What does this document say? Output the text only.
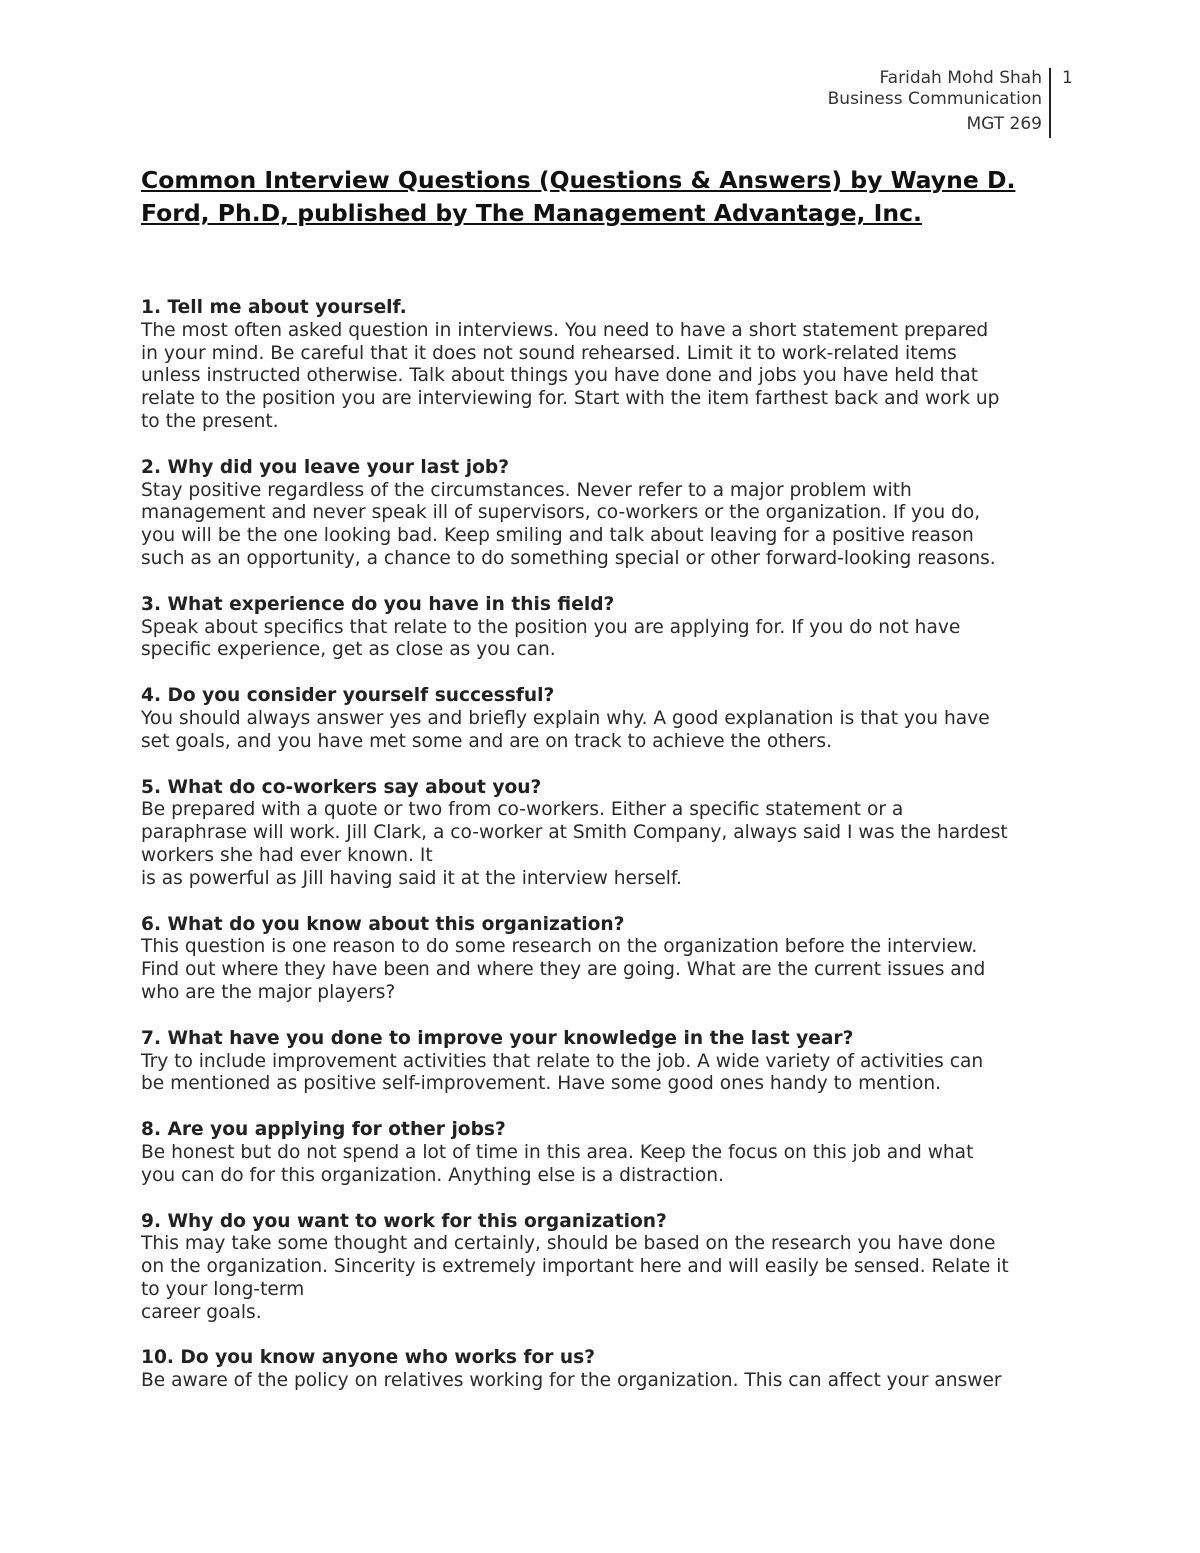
Faridah Mohd Shah
Business Communication
MGT 269
1
Common Interview Questions (Questions & Answers) by Wayne D.
Ford, Ph.D, published by The Management Advantage, Inc.
1. Tell me about yourself.
The most often asked question in interviews. You need to have a short statement prepared
in your mind. Be careful that it does not sound rehearsed. Limit it to work-related items
unless instructed otherwise. Talk about things you have done and jobs you have held that
relate to the position you are interviewing for. Start with the item farthest back and work up
to the present.
2. Why did you leave your last job?
Stay positive regardless of the circumstances. Never refer to a major problem with
management and never speak ill of supervisors, co-workers or the organization. If you do,
you will be the one looking bad. Keep smiling and talk about leaving for a positive reason
such as an opportunity, a chance to do something special or other forward-looking reasons.
3. What experience do you have in this field?
Speak about specifics that relate to the position you are applying for. If you do not have
specific experience, get as close as you can.
4. Do you consider yourself successful?
You should always answer yes and briefly explain why. A good explanation is that you have
set goals, and you have met some and are on track to achieve the others.
5. What do co-workers say about you?
Be prepared with a quote or two from co-workers. Either a specific statement or a
paraphrase will work. Jill Clark, a co-worker at Smith Company, always said I was the hardest
workers she had ever known. It
is as powerful as Jill having said it at the interview herself.
6. What do you know about this organization?
This question is one reason to do some research on the organization before the interview.
Find out where they have been and where they are going. What are the current issues and
who are the major players?
7. What have you done to improve your knowledge in the last year?
Try to include improvement activities that relate to the job. A wide variety of activities can
be mentioned as positive self-improvement. Have some good ones handy to mention.
8. Are you applying for other jobs?
Be honest but do not spend a lot of time in this area. Keep the focus on this job and what
you can do for this organization. Anything else is a distraction.
9. Why do you want to work for this organization?
This may take some thought and certainly, should be based on the research you have done
on the organization. Sincerity is extremely important here and will easily be sensed. Relate it
to your long-term
career goals.
10. Do you know anyone who works for us?
Be aware of the policy on relatives working for the organization. This can affect your answer
